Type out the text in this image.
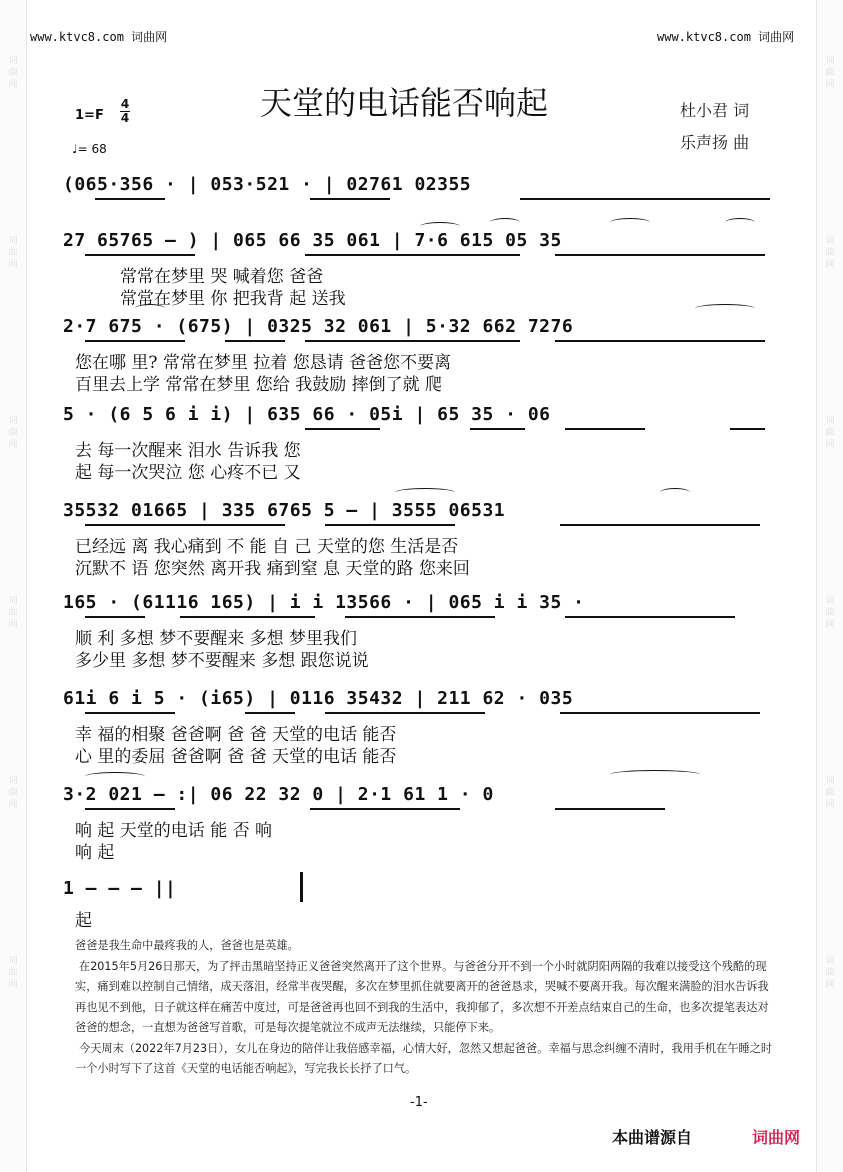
词
曲
网
词
曲
网
词
曲
网
词
曲
网
词
曲
网
词
曲
网
词
曲
网
词
曲
网
词
曲
网
词
曲
网
词
曲
网
词
曲
网
www.ktvc8.com 词曲网	www.ktvc8.com 词曲网
天堂的电话能否响起	杜小君 词
乐声扬 曲
1=F
4
4
♩= 68
(065·356 · | 053·521 · | 02761 02355
27 65765 – ) | 065 66 35 061 | 7·6 615 05 35
常常在梦里 哭 喊着您 爸爸
常常在梦里 你 把我背 起 送我
2·7 675 · (675) | 0325 32 061 | 5·32 662 7276
您在哪 里? 常常在梦里 拉着 您恳请 爸爸您不要离
百里去上学 常常在梦里 您给 我鼓励 摔倒了就 爬
5 · (6 5 6 i i) | 635 66 · 05i | 65 35 · 06
去 每一次醒来 泪水 告诉我 您
起 每一次哭泣 您 心疼不已 又
35532 01665 | 335 6765 5 – | 3555 06531
已经远 离 我心痛到 不 能 自 己 天堂的您 生活是否
沉默不 语 您突然 离开我 痛到窒 息 天堂的路 您来回
165 · (61116 165) | i i 13566 · | 065 i i 35 ·
顺 利 多想 梦不要醒来 多想 梦里我们
多少里 多想 梦不要醒来 多想 跟您说说
61i 6 i 5 · (i65) | 0116 35432 | 211 62 · 035
幸 福的相聚 爸爸啊 爸 爸 天堂的电话 能否
心 里的委屈 爸爸啊 爸 爸 天堂的电话 能否
3·2 021 – :| 06 22 32 0 | 2·1 61 1 · 0
响 起 天堂的电话 能 否 响
响 起
1 – – – ||
起

爸爸是我生命中最疼我的人，爸爸也是英雄。

在2015年5月26日那天，为了抨击黑暗坚持正义爸爸突然离开了这个世界。与爸爸分开不到一个小时就阴阳两隔的我难以接受这个残酷的现实，痛到难以控制自己情绪，成天落泪，经常半夜哭醒，多次在梦里抓住就要离开的爸爸恳求，哭喊不要离开我。每次醒来满脸的泪水告诉我再也见不到他，日子就这样在痛苦中度过，可是爸爸再也回不到我的生活中，我抑郁了，多次想不开差点结束自己的生命，也多次提笔表达对爸爸的想念，一直想为爸爸写首歌，可是每次提笔就泣不成声无法继续，只能停下来。

今天周末（2022年7月23日），女儿在身边的陪伴让我倍感幸福，心情大好，忽然又想起爸爸。幸福与思念纠缠不清时，我用手机在午睡之时一个小时写下了这首《天堂的电话能否响起》，写完我长长抒了口气。

-1-
本曲谱源自	词曲网
